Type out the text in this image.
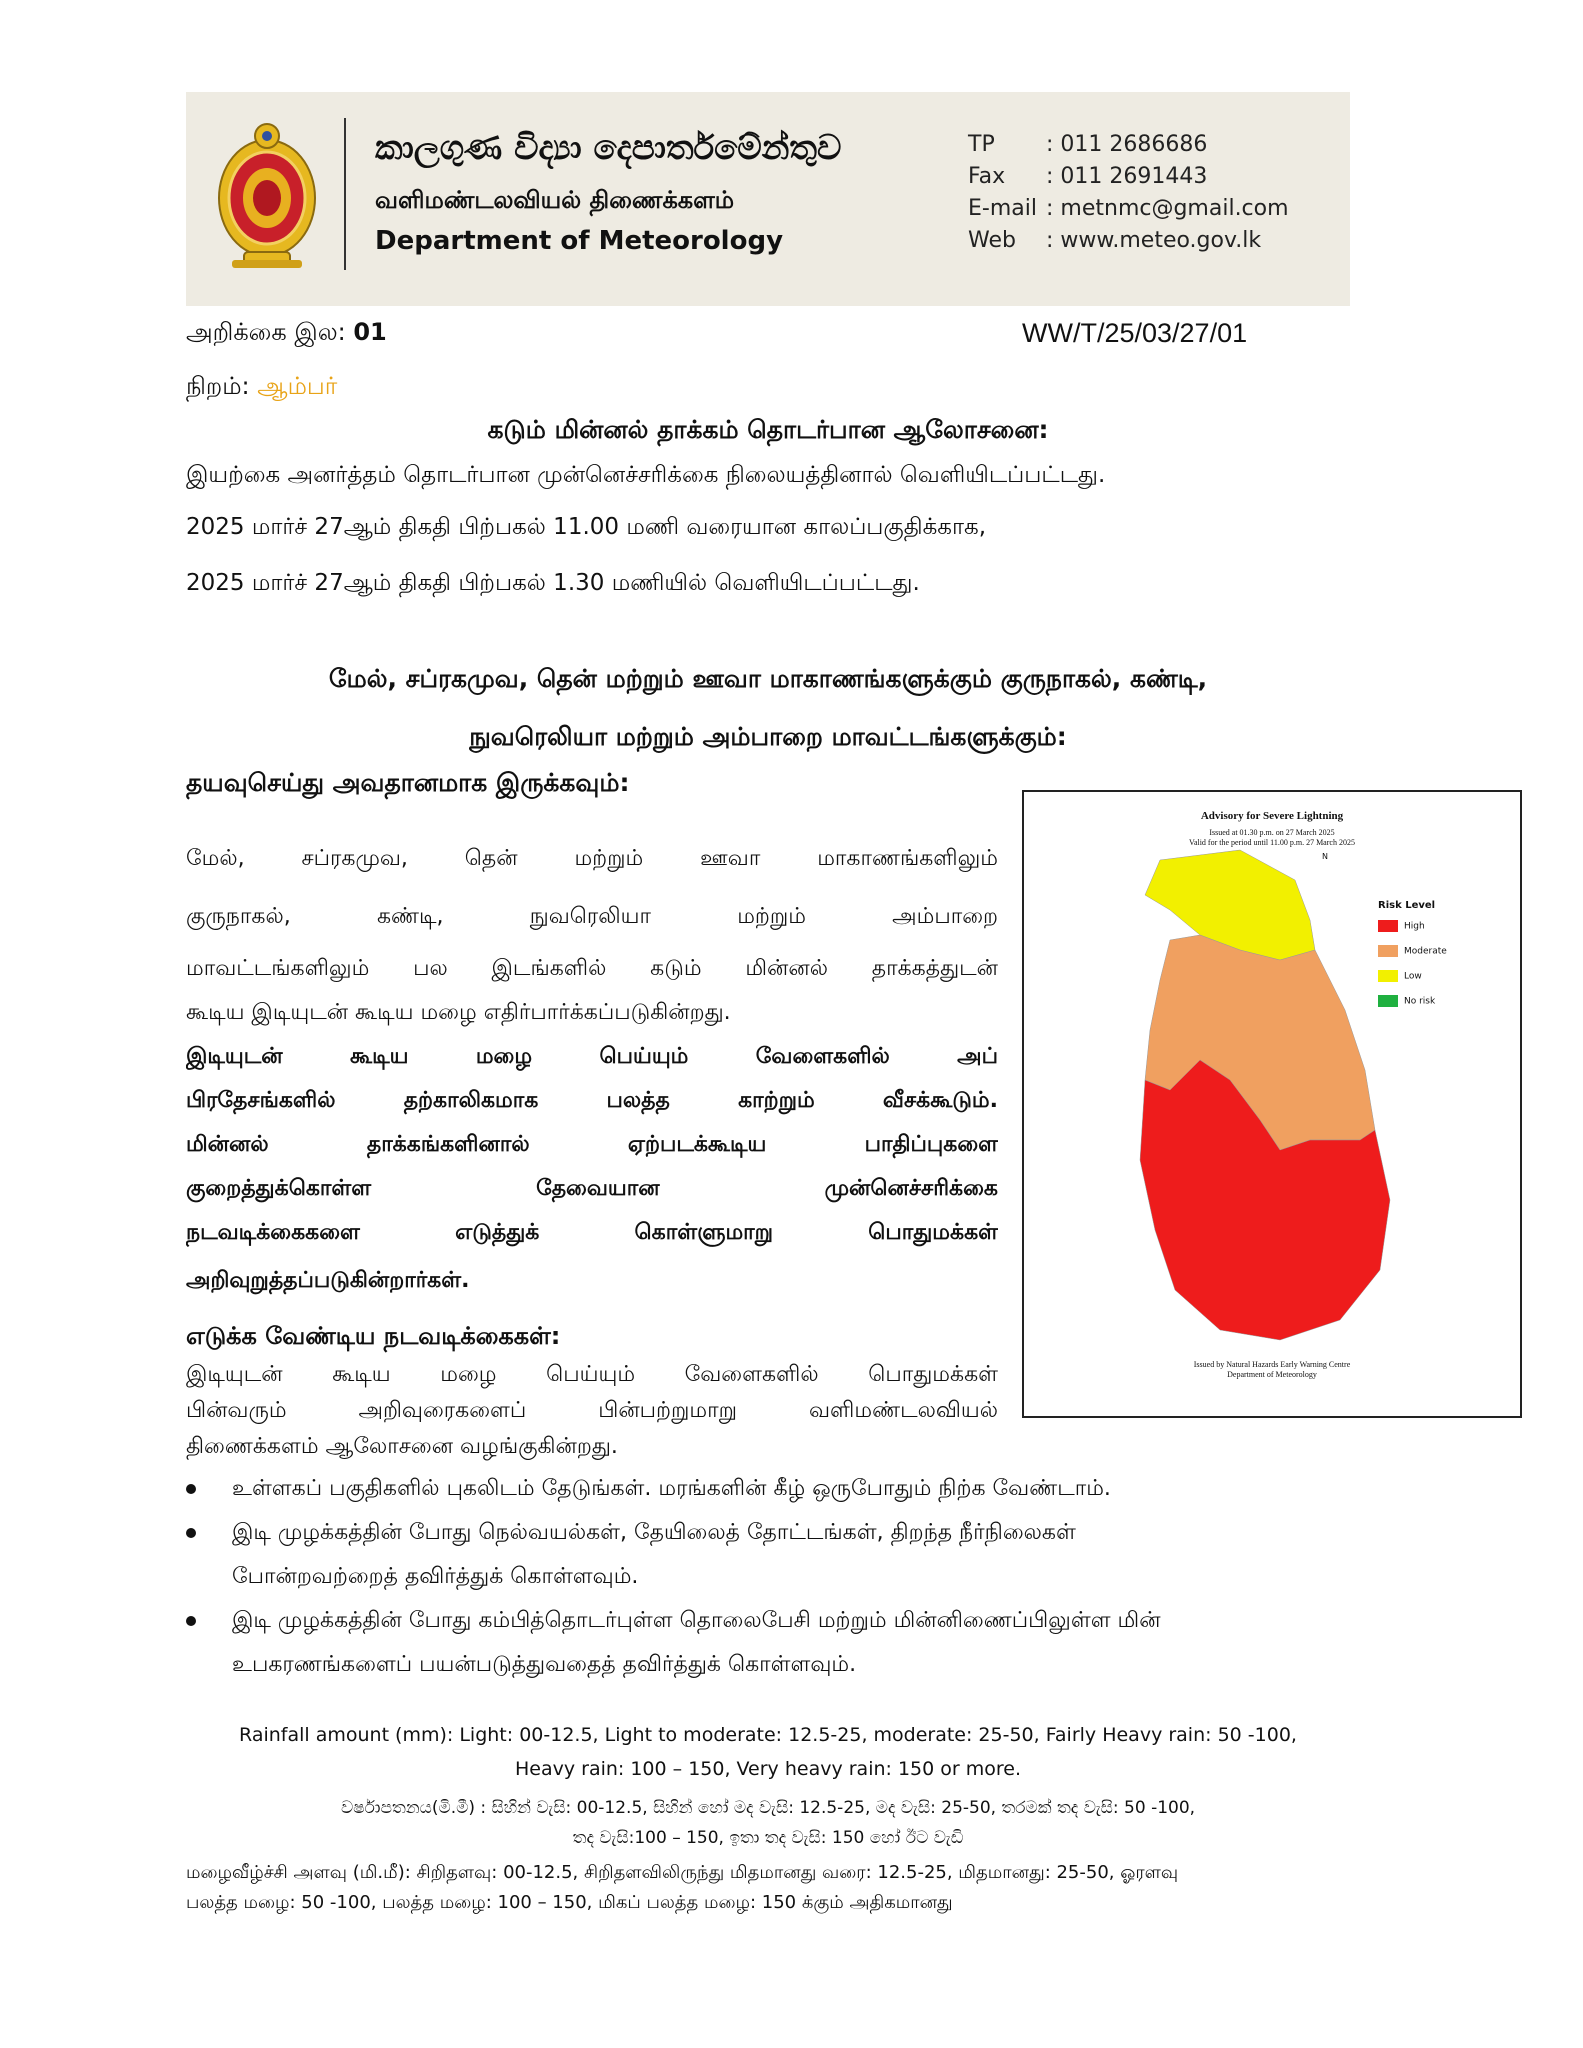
කාලගුණ විද්‍යා දෙපාර්තමේන්තුව
வளிமண்டலவியல் திணைக்களம்
Department of Meteorology
TP : 011 2686686
Fax : 011 2691443
E-mail : metnmc@gmail.com
Web : www.meteo.gov.lk
அறிக்கை இல: 01	WW/T/25/03/27/01
நிறம்: ஆம்பர்
கடும் மின்னல் தாக்கம் தொடர்பான ஆலோசனை:
இயற்கை அனர்த்தம் தொடர்பான முன்னெச்சரிக்கை நிலையத்தினால் வெளியிடப்பட்டது.
2025 மார்ச் 27ஆம் திகதி பிற்பகல் 11.00 மணி வரையான காலப்பகுதிக்காக,
2025 மார்ச் 27ஆம் திகதி பிற்பகல் 1.30 மணியில் வெளியிடப்பட்டது.
மேல், சப்ரகமுவ, தென் மற்றும் ஊவா மாகாணங்களுக்கும் குருநாகல், கண்டி,
நுவரெலியா மற்றும் அம்பாறை மாவட்டங்களுக்கும்:
தயவுசெய்து அவதானமாக இருக்கவும்:
மேல், சப்ரகமுவ, தென் மற்றும் ஊவா மாகாணங்களிலும்
குருநாகல், கண்டி, நுவரெலியா மற்றும் அம்பாறை
மாவட்டங்களிலும் பல இடங்களில் கடும் மின்னல் தாக்கத்துடன்
கூடிய இடியுடன் கூடிய மழை எதிர்பார்க்கப்படுகின்றது.
இடியுடன் கூடிய மழை பெய்யும் வேளைகளில் அப்
பிரதேசங்களில் தற்காலிகமாக பலத்த காற்றும் வீசக்கூடும்.
மின்னல் தாக்கங்களினால் ஏற்படக்கூடிய பாதிப்புகளை
குறைத்துக்கொள்ள தேவையான முன்னெச்சரிக்கை
நடவடிக்கைகளை எடுத்துக் கொள்ளுமாறு பொதுமக்கள்
அறிவுறுத்தப்படுகின்றார்கள்.
எடுக்க வேண்டிய நடவடிக்கைகள்:
இடியுடன் கூடிய மழை பெய்யும் வேளைகளில் பொதுமக்கள்
பின்வரும் அறிவுரைகளைப் பின்பற்றுமாறு வளிமண்டலவியல்
திணைக்களம் ஆலோசனை வழங்குகின்றது.
உள்ளகப் பகுதிகளில் புகலிடம் தேடுங்கள். மரங்களின் கீழ் ஒருபோதும் நிற்க வேண்டாம்.
இடி முழக்கத்தின் போது நெல்வயல்கள், தேயிலைத் தோட்டங்கள், திறந்த நீர்நிலைகள்
போன்றவற்றைத் தவிர்த்துக் கொள்ளவும்.
இடி முழக்கத்தின் போது கம்பித்தொடர்புள்ள தொலைபேசி மற்றும் மின்னிணைப்பிலுள்ள மின்
உபகரணங்களைப் பயன்படுத்துவதைத் தவிர்த்துக் கொள்ளவும்.
Advisory for Severe Lightning
Issued at 01.30 p.m. on 27 March 2025
Valid for the period until 11.00 p.m. 27 March 2025
N
Risk Level
High
Moderate
Low
No risk
Issued by Natural Hazards Early Warning Centre
Department of Meteorology
Rainfall amount (mm): Light: 00-12.5, Light to moderate: 12.5-25, moderate: 25-50, Fairly Heavy rain: 50 -100,
Heavy rain: 100 – 150, Very heavy rain: 150 or more.
වර්ෂාපතනය(මි.මී) : සිහින් වැසි: 00-12.5, සිහින් හෝ මද වැසි: 12.5-25, මද වැසි: 25-50, තරමක් තද වැසි: 50 -100,
තද වැසි:100 – 150, ඉතා තද වැසි: 150 හෝ ඊට වැඩි
மழைவீழ்ச்சி அளவு (மி.மீ): சிறிதளவு: 00-12.5, சிறிதளவிலிருந்து மிதமானது வரை: 12.5-25, மிதமானது: 25-50, ஓரளவு
பலத்த மழை: 50 -100, பலத்த மழை: 100 – 150, மிகப் பலத்த மழை: 150 க்கும் அதிகமானது
